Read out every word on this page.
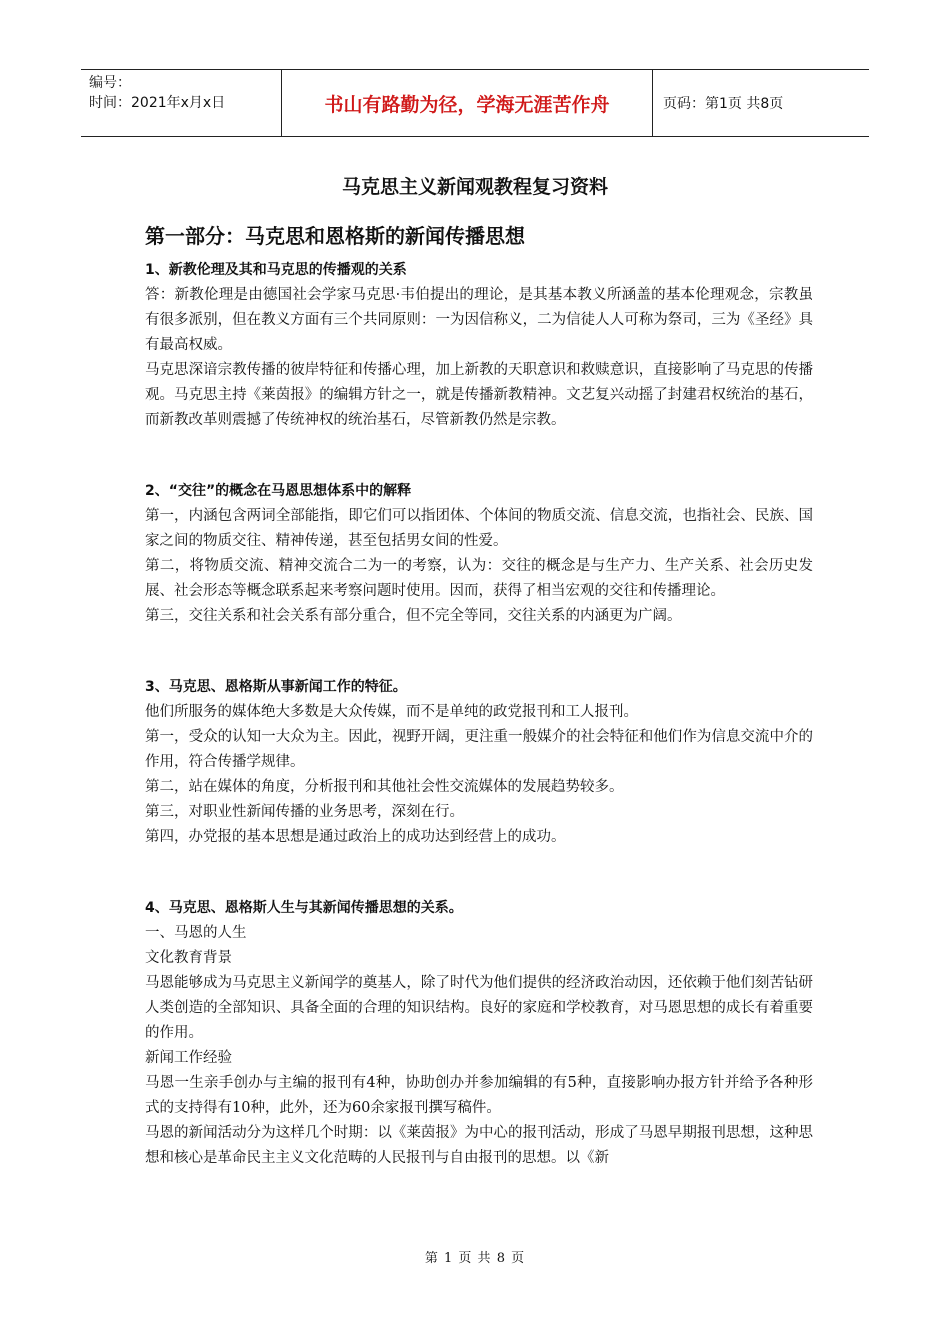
编号：
时间：2021年x月x日	书山有路勤为径，学海无涯苦作舟	页码：第1页 共8页
马克思主义新闻观教程复习资料
第一部分：马克思和恩格斯的新闻传播思想
1、新教伦理及其和马克思的传播观的关系

答：新教伦理是由德国社会学家马克思·韦伯提出的理论，是其基本教义所涵盖的基本伦理观念，宗教虽有很多派别，但在教义方面有三个共同原则：一为因信称义，二为信徒人人可称为祭司，三为《圣经》具有最高权威。

马克思深谙宗教传播的彼岸特征和传播心理，加上新教的天职意识和救赎意识，直接影响了马克思的传播观。马克思主持《莱茵报》的编辑方针之一，就是传播新教精神。文艺复兴动摇了封建君权统治的基石，而新教改革则震撼了传统神权的统治基石，尽管新教仍然是宗教。

2、“交往”的概念在马恩思想体系中的解释

第一，内涵包含两词全部能指，即它们可以指团体、个体间的物质交流、信息交流，也指社会、民族、国家之间的物质交往、精神传递，甚至包括男女间的性爱。

第二，将物质交流、精神交流合二为一的考察，认为：交往的概念是与生产力、生产关系、社会历史发展、社会形态等概念联系起来考察问题时使用。因而，获得了相当宏观的交往和传播理论。

第三，交往关系和社会关系有部分重合，但不完全等同，交往关系的内涵更为广阔。

3、马克思、恩格斯从事新闻工作的特征。

他们所服务的媒体绝大多数是大众传媒，而不是单纯的政党报刊和工人报刊。

第一，受众的认知一大众为主。因此，视野开阔，更注重一般媒介的社会特征和他们作为信息交流中介的作用，符合传播学规律。

第二，站在媒体的角度，分析报刊和其他社会性交流媒体的发展趋势较多。

第三，对职业性新闻传播的业务思考，深刻在行。

第四，办党报的基本思想是通过政治上的成功达到经营上的成功。

4、马克思、恩格斯人生与其新闻传播思想的关系。

一、马恩的人生

文化教育背景

马恩能够成为马克思主义新闻学的奠基人，除了时代为他们提供的经济政治动因，还依赖于他们刻苦钻研人类创造的全部知识、具备全面的合理的知识结构。良好的家庭和学校教育，对马恩思想的成长有着重要的作用。

新闻工作经验

马恩一生亲手创办与主编的报刊有4种，协助创办并参加编辑的有5种，直接影响办报方针并给予各种形式的支持得有10种，此外，还为60余家报刊撰写稿件。

马恩的新闻活动分为这样几个时期：以《莱茵报》为中心的报刊活动，形成了马恩早期报刊思想，这种思想和核心是革命民主主义文化范畴的人民报刊与自由报刊的思想。以《新

第 1 页 共 8 页
